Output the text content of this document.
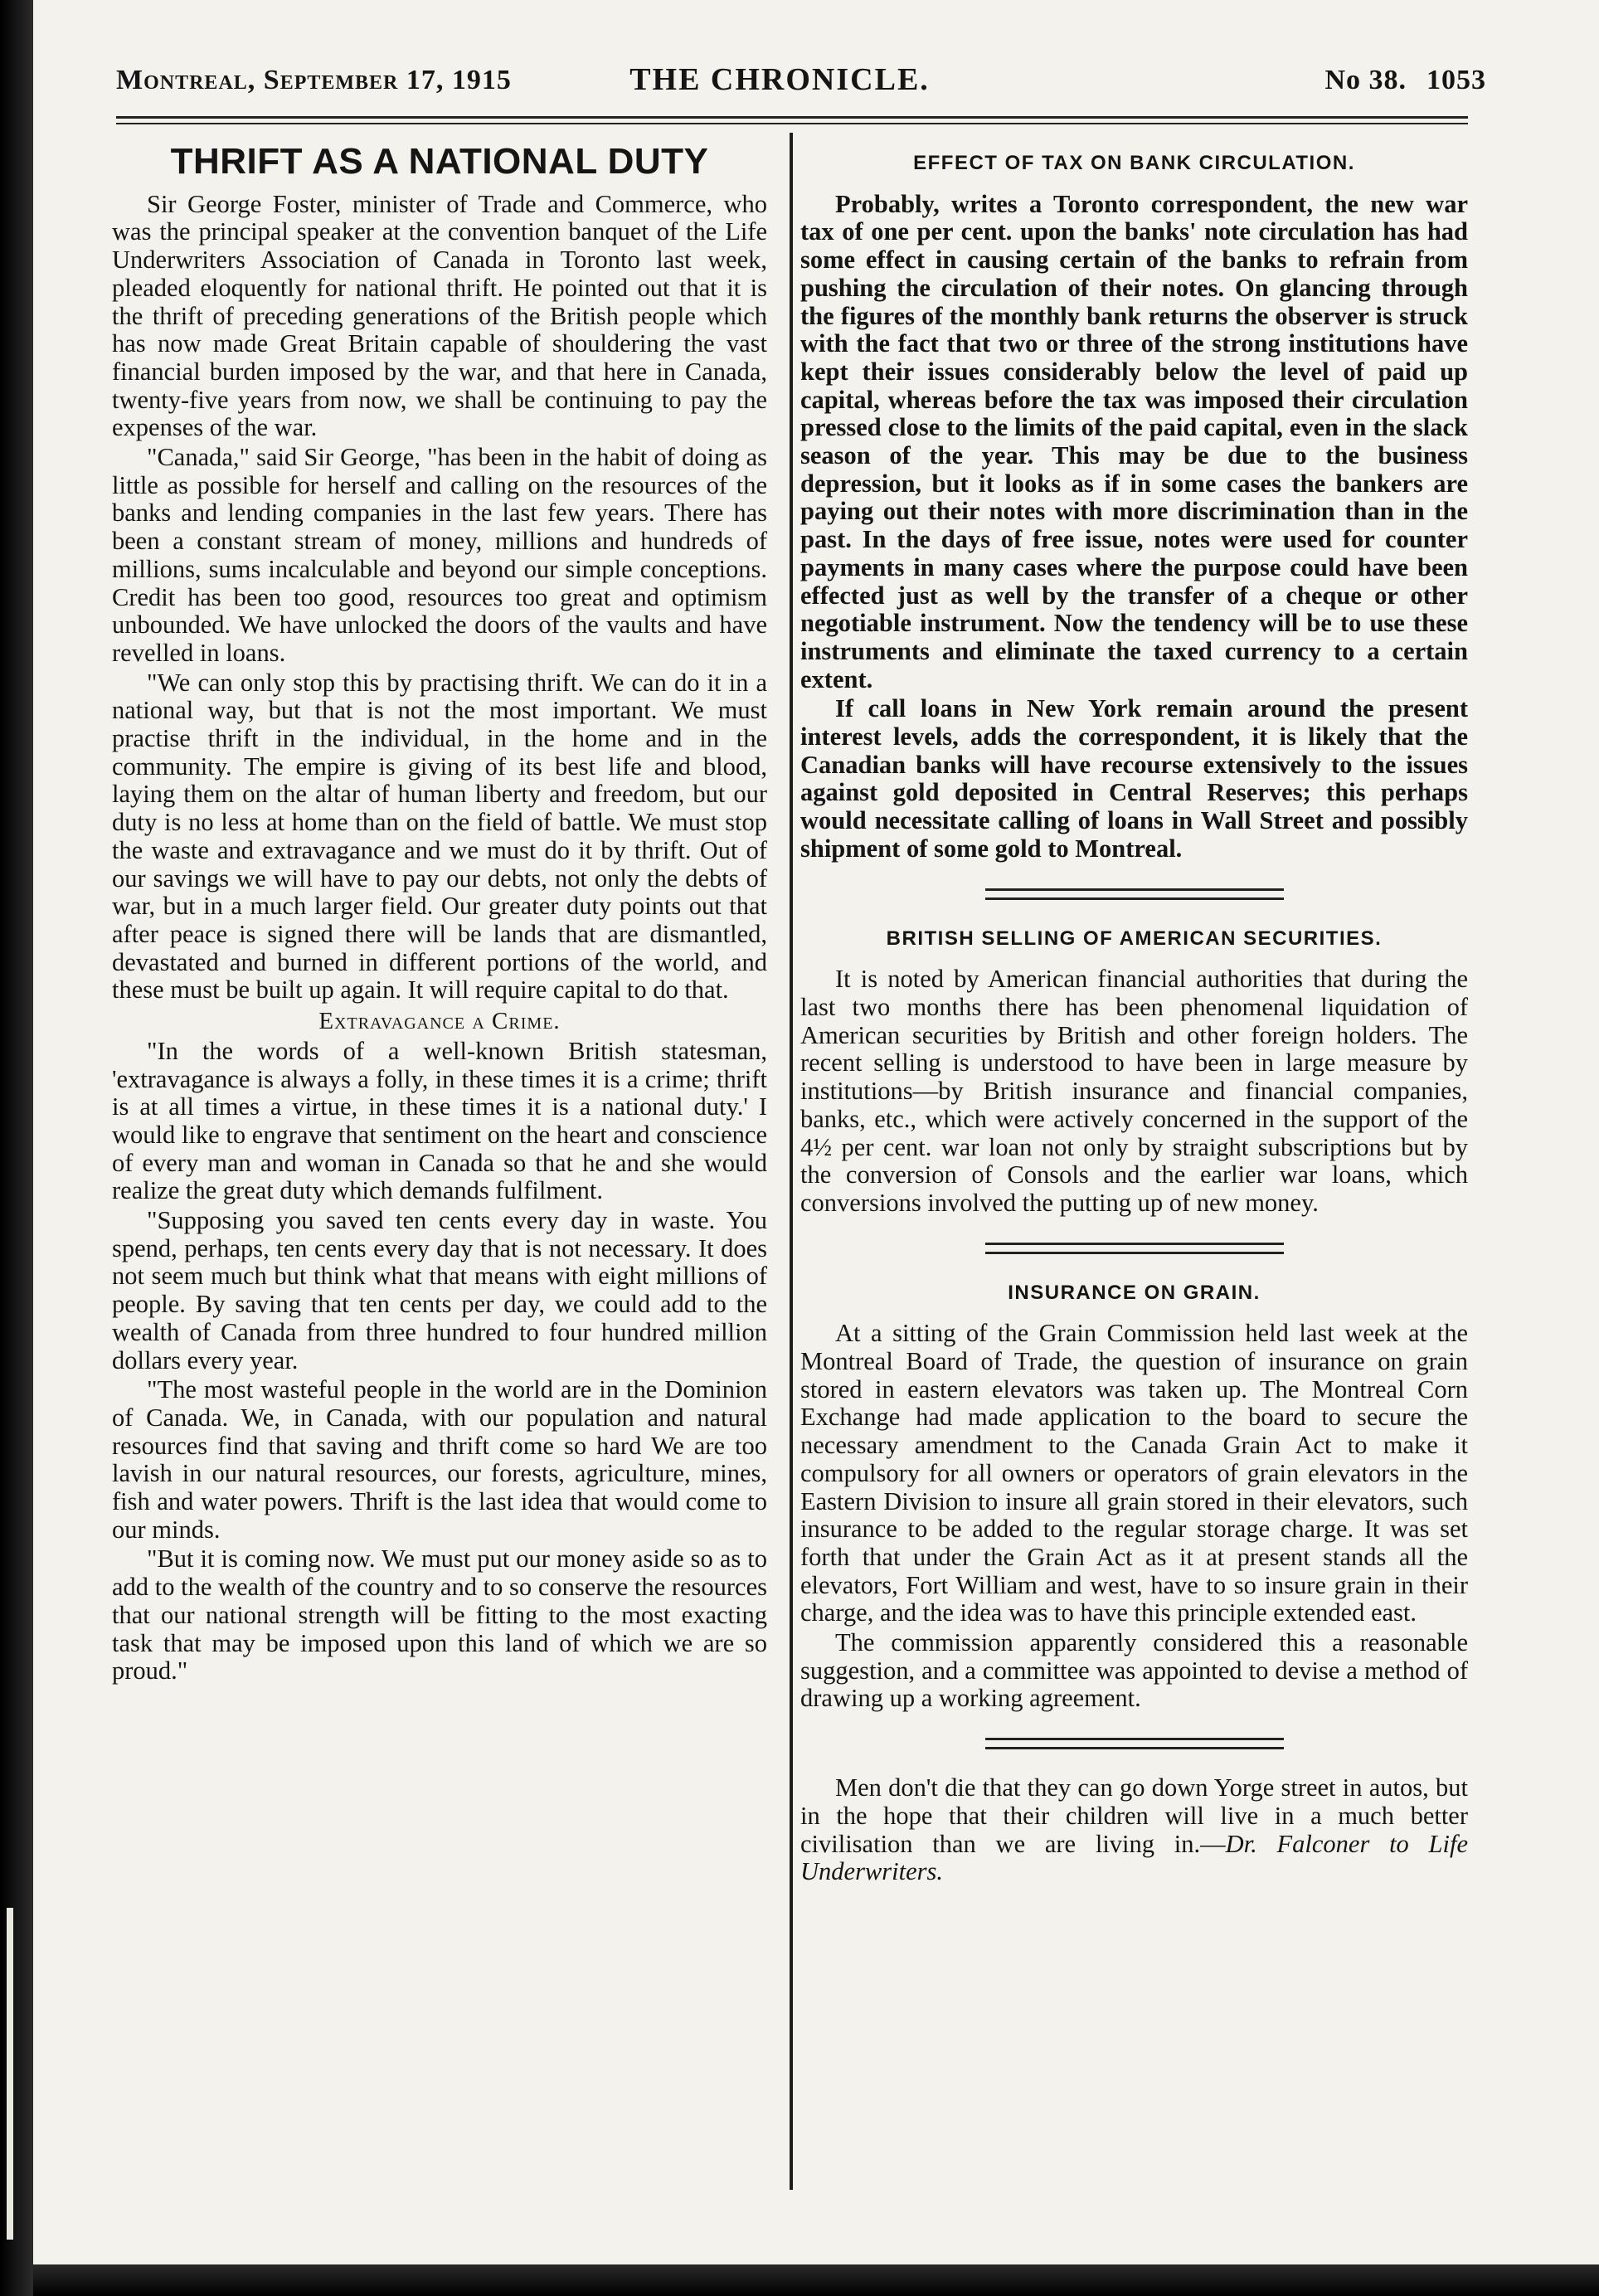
Montreal, September 17, 1915	THE CHRONICLE.	No 38. 1053
THRIFT AS A NATIONAL DUTY

Sir George Foster, minister of Trade and Commerce, who was the principal speaker at the convention banquet of the Life Underwriters Association of Canada in Toronto last week, pleaded eloquently for national thrift. He pointed out that it is the thrift of preceding generations of the British people which has now made Great Britain capable of shouldering the vast financial burden imposed by the war, and that here in Canada, twenty-five years from now, we shall be continuing to pay the expenses of the war.

"Canada," said Sir George, "has been in the habit of doing as little as possible for herself and calling on the resources of the banks and lending companies in the last few years. There has been a constant stream of money, millions and hundreds of millions, sums incalculable and beyond our simple conceptions. Credit has been too good, resources too great and optimism unbounded. We have unlocked the doors of the vaults and have revelled in loans.

"We can only stop this by practising thrift. We can do it in a national way, but that is not the most important. We must practise thrift in the individual, in the home and in the community. The empire is giving of its best life and blood, laying them on the altar of human liberty and freedom, but our duty is no less at home than on the field of battle. We must stop the waste and extravagance and we must do it by thrift. Out of our savings we will have to pay our debts, not only the debts of war, but in a much larger field. Our greater duty points out that after peace is signed there will be lands that are dismantled, devastated and burned in different portions of the world, and these must be built up again. It will require capital to do that.

Extravagance a Crime.

"In the words of a well-known British statesman, 'extravagance is always a folly, in these times it is a crime; thrift is at all times a virtue, in these times it is a national duty.' I would like to engrave that sentiment on the heart and conscience of every man and woman in Canada so that he and she would realize the great duty which demands fulfilment.

"Supposing you saved ten cents every day in waste. You spend, perhaps, ten cents every day that is not necessary. It does not seem much but think what that means with eight millions of people. By saving that ten cents per day, we could add to the wealth of Canada from three hundred to four hundred million dollars every year.

"The most wasteful people in the world are in the Dominion of Canada. We, in Canada, with our population and natural resources find that saving and thrift come so hard We are too lavish in our natural resources, our forests, agriculture, mines, fish and water powers. Thrift is the last idea that would come to our minds.

"But it is coming now. We must put our money aside so as to add to the wealth of the country and to so conserve the resources that our national strength will be fitting to the most exacting task that may be imposed upon this land of which we are so proud."

EFFECT OF TAX ON BANK CIRCULATION.

Probably, writes a Toronto correspondent, the new war tax of one per cent. upon the banks' note circulation has had some effect in causing certain of the banks to refrain from pushing the circulation of their notes. On glancing through the figures of the monthly bank returns the observer is struck with the fact that two or three of the strong institutions have kept their issues considerably below the level of paid up capital, whereas before the tax was imposed their circulation pressed close to the limits of the paid capital, even in the slack season of the year. This may be due to the business depression, but it looks as if in some cases the bankers are paying out their notes with more discrimination than in the past. In the days of free issue, notes were used for counter payments in many cases where the purpose could have been effected just as well by the transfer of a cheque or other negotiable instrument. Now the tendency will be to use these instruments and eliminate the taxed currency to a certain extent.

If call loans in New York remain around the present interest levels, adds the correspondent, it is likely that the Canadian banks will have recourse extensively to the issues against gold deposited in Central Reserves; this perhaps would necessitate calling of loans in Wall Street and possibly shipment of some gold to Montreal.

BRITISH SELLING OF AMERICAN SECURITIES.

It is noted by American financial authorities that during the last two months there has been phenomenal liquidation of American securities by British and other foreign holders. The recent selling is understood to have been in large measure by institutions—by British insurance and financial companies, banks, etc., which were actively concerned in the support of the 4½ per cent. war loan not only by straight subscriptions but by the conversion of Consols and the earlier war loans, which conversions involved the putting up of new money.

INSURANCE ON GRAIN.

At a sitting of the Grain Commission held last week at the Montreal Board of Trade, the question of insurance on grain stored in eastern elevators was taken up. The Montreal Corn Exchange had made application to the board to secure the necessary amendment to the Canada Grain Act to make it compulsory for all owners or operators of grain elevators in the Eastern Division to insure all grain stored in their elevators, such insurance to be added to the regular storage charge. It was set forth that under the Grain Act as it at present stands all the elevators, Fort William and west, have to so insure grain in their charge, and the idea was to have this principle extended east.

The commission apparently considered this a reasonable suggestion, and a committee was appointed to devise a method of drawing up a working agreement.

Men don't die that they can go down Yorge street in autos, but in the hope that their children will live in a much better civilisation than we are living in.—Dr. Falconer to Life Underwriters.
